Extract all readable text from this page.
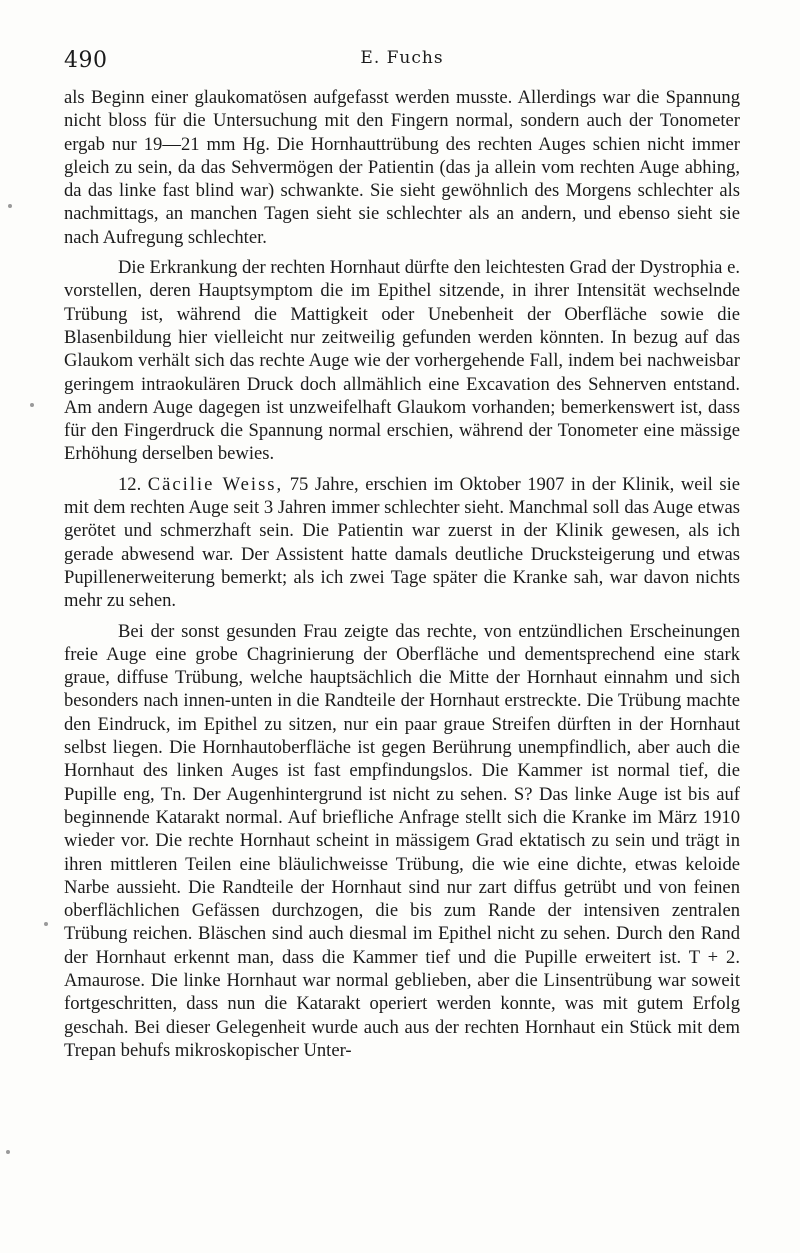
490	E. Fuchs

als Beginn einer glaukomatösen aufgefasst werden musste. Allerdings war die Spannung nicht bloss für die Untersuchung mit den Fingern normal, sondern auch der Tonometer ergab nur 19—21 mm Hg. Die Hornhauttrübung des rechten Auges schien nicht immer gleich zu sein, da das Sehvermögen der Patientin (das ja allein vom rechten Auge abhing, da das linke fast blind war) schwankte. Sie sieht gewöhnlich des Morgens schlechter als nachmittags, an manchen Tagen sieht sie schlechter als an andern, und ebenso sieht sie nach Aufregung schlechter.

Die Erkrankung der rechten Hornhaut dürfte den leichtesten Grad der Dystrophia e. vorstellen, deren Hauptsymptom die im Epithel sitzende, in ihrer Intensität wechselnde Trübung ist, während die Mattigkeit oder Unebenheit der Oberfläche sowie die Blasenbildung hier vielleicht nur zeitweilig gefunden werden könnten. In bezug auf das Glaukom verhält sich das rechte Auge wie der vorhergehende Fall, indem bei nachweisbar geringem intraokulären Druck doch allmählich eine Excavation des Sehnerven entstand. Am andern Auge dagegen ist unzweifelhaft Glaukom vorhanden; bemerkenswert ist, dass für den Fingerdruck die Spannung normal erschien, während der Tonometer eine mässige Erhöhung derselben bewies.

12. Cäcilie Weiss, 75 Jahre, erschien im Oktober 1907 in der Klinik, weil sie mit dem rechten Auge seit 3 Jahren immer schlechter sieht. Manchmal soll das Auge etwas gerötet und schmerzhaft sein. Die Patientin war zuerst in der Klinik gewesen, als ich gerade abwesend war. Der Assistent hatte damals deutliche Drucksteigerung und etwas Pupillenerweiterung bemerkt; als ich zwei Tage später die Kranke sah, war davon nichts mehr zu sehen.

Bei der sonst gesunden Frau zeigte das rechte, von entzündlichen Erscheinungen freie Auge eine grobe Chagrinierung der Oberfläche und dementsprechend eine stark graue, diffuse Trübung, welche hauptsächlich die Mitte der Hornhaut einnahm und sich besonders nach innen-unten in die Randteile der Hornhaut erstreckte. Die Trübung machte den Eindruck, im Epithel zu sitzen, nur ein paar graue Streifen dürften in der Hornhaut selbst liegen. Die Hornhautoberfläche ist gegen Berührung unempfindlich, aber auch die Hornhaut des linken Auges ist fast empfindungslos. Die Kammer ist normal tief, die Pupille eng, Tn. Der Augenhintergrund ist nicht zu sehen. S? Das linke Auge ist bis auf beginnende Katarakt normal. Auf briefliche Anfrage stellt sich die Kranke im März 1910 wieder vor. Die rechte Hornhaut scheint in mässigem Grad ektatisch zu sein und trägt in ihren mittleren Teilen eine bläulichweisse Trübung, die wie eine dichte, etwas keloide Narbe aussieht. Die Randteile der Hornhaut sind nur zart diffus getrübt und von feinen oberflächlichen Gefässen durchzogen, die bis zum Rande der intensiven zentralen Trübung reichen. Bläschen sind auch diesmal im Epithel nicht zu sehen. Durch den Rand der Hornhaut erkennt man, dass die Kammer tief und die Pupille erweitert ist. T + 2. Amaurose. Die linke Hornhaut war normal geblieben, aber die Linsentrübung war soweit fortgeschritten, dass nun die Katarakt operiert werden konnte, was mit gutem Erfolg geschah. Bei dieser Gelegenheit wurde auch aus der rechten Hornhaut ein Stück mit dem Trepan behufs mikroskopischer Unter-
